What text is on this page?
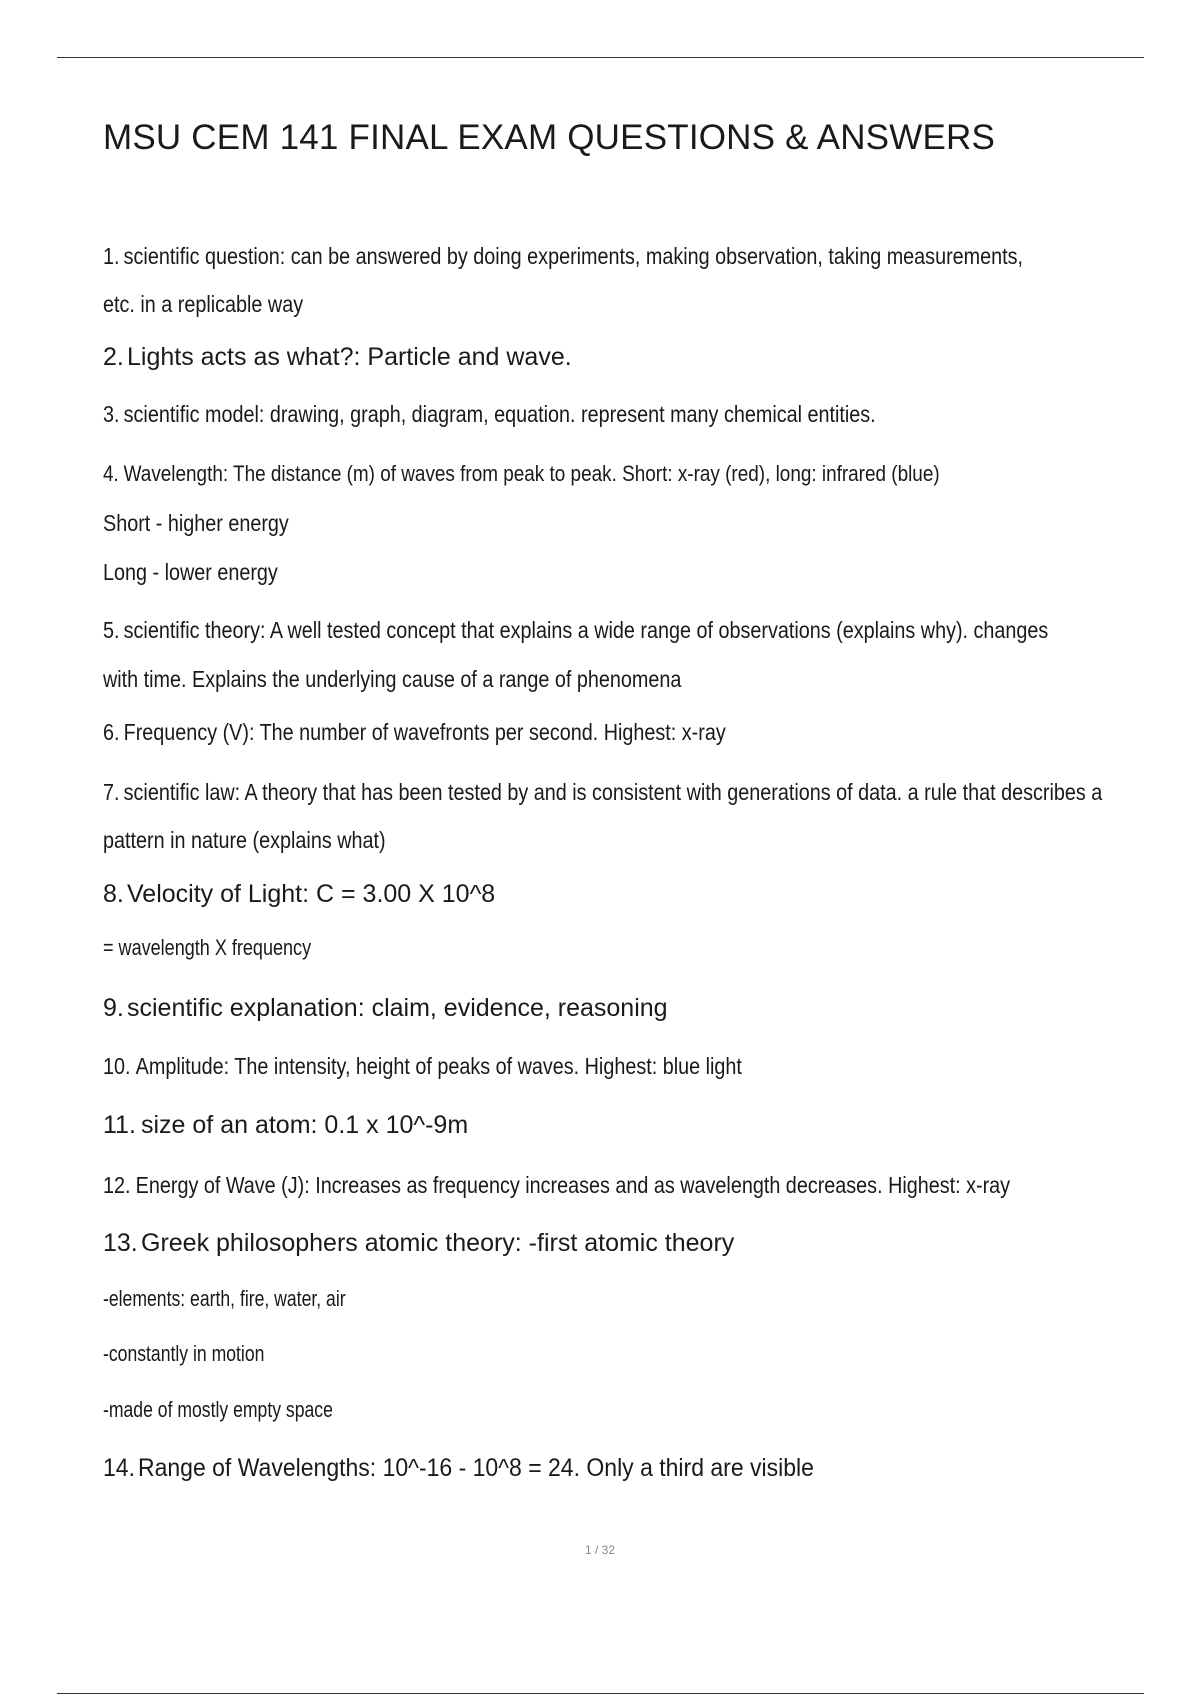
MSU CEM 141 FINAL EXAM QUESTIONS & ANSWERS

1. scientific question: can be answered by doing experiments, making observation, taking measurements,

etc. in a replicable way

2. Lights acts as what?: Particle and wave.

3. scientific model: drawing, graph, diagram, equation. represent many chemical entities.

4. Wavelength: The distance (m) of waves from peak to peak. Short: x-ray (red), long: infrared (blue)

Short - higher energy

Long - lower energy

5. scientific theory: A well tested concept that explains a wide range of observations (explains why). changes

with time. Explains the underlying cause of a range of phenomena

6. Frequency (V): The number of wavefronts per second. Highest: x-ray

7. scientific law: A theory that has been tested by and is consistent with generations of data. a rule that describes a

pattern in nature (explains what)

8. Velocity of Light: C = 3.00 X 10^8

= wavelength X frequency

9. scientific explanation: claim, evidence, reasoning

10. Amplitude: The intensity, height of peaks of waves. Highest: blue light

11. size of an atom: 0.1 x 10^-9m

12. Energy of Wave (J): Increases as frequency increases and as wavelength decreases. Highest: x-ray

13. Greek philosophers atomic theory: -first atomic theory

-elements: earth, fire, water, air

-constantly in motion

-made of mostly empty space

14. Range of Wavelengths: 10^-16 - 10^8 = 24. Only a third are visible

1 / 32
